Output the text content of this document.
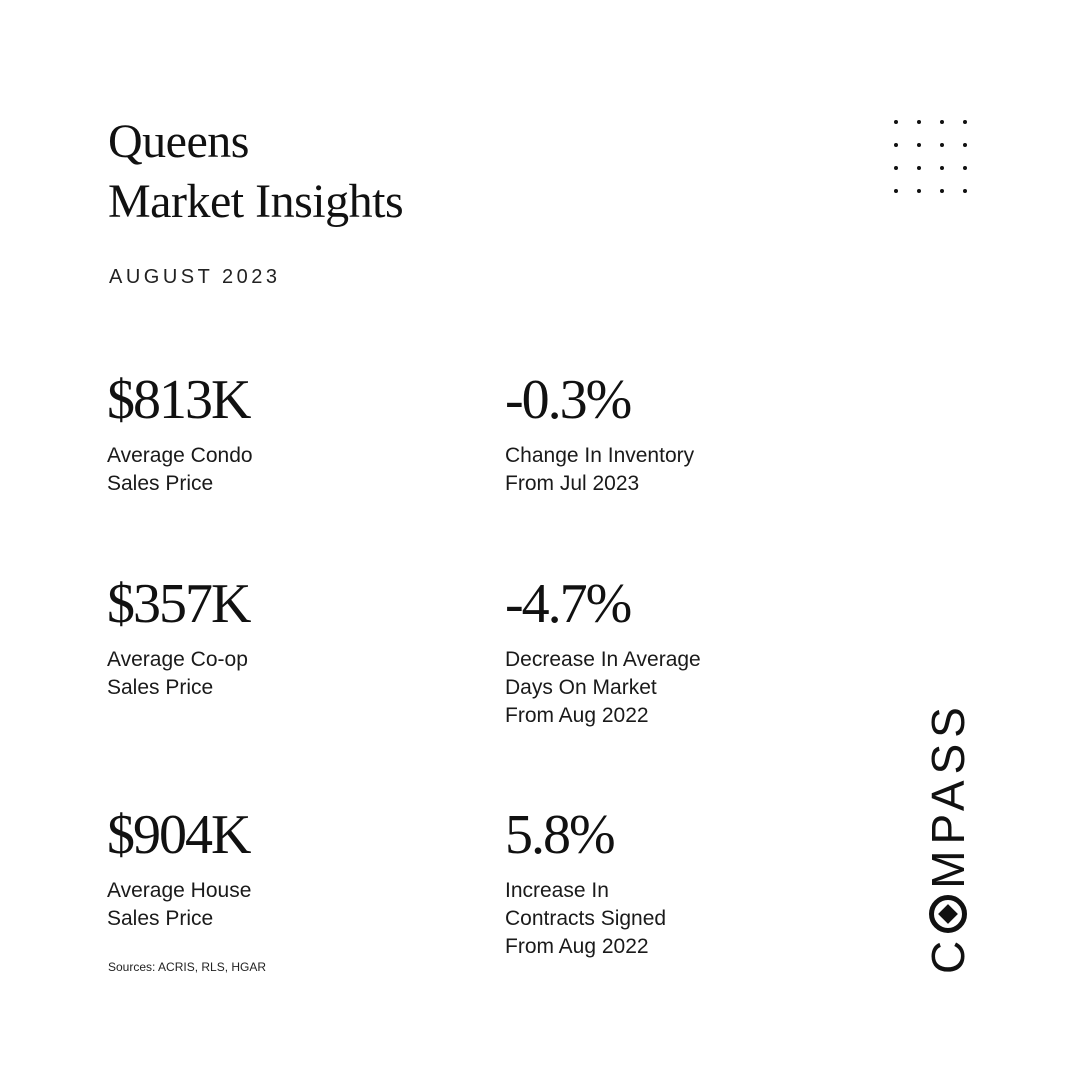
Queens
Market Insights
AUGUST 2023
$813K
Average Condo
Sales Price
-0.3%
Change In Inventory
From Jul 2023
$357K
Average Co-op
Sales Price
-4.7%
Decrease In Average
Days On Market
From Aug 2022
$904K
Average House
Sales Price
5.8%
Increase In
Contracts Signed
From Aug 2022
Sources: ACRIS, RLS, HGAR	C
MPASS
